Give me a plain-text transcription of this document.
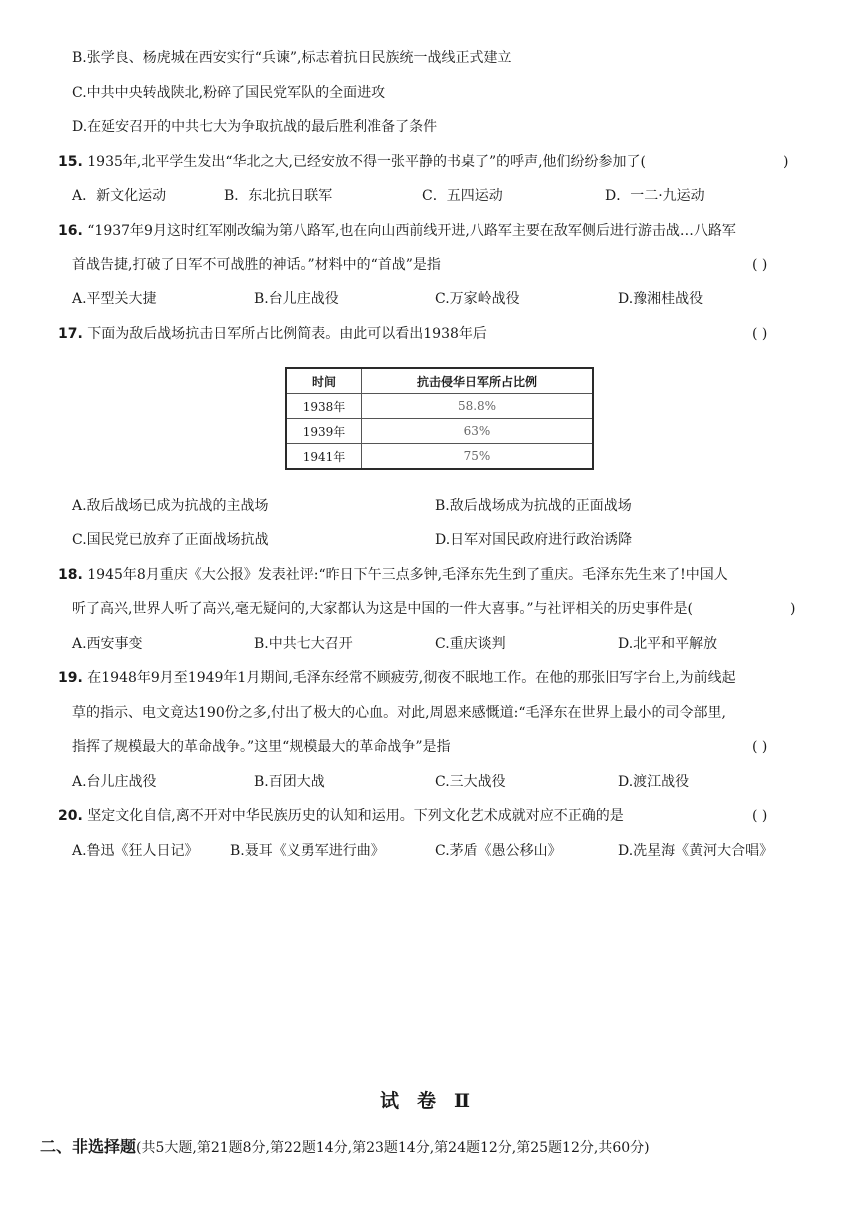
B.张学良、杨虎城在西安实行“兵谏”,标志着抗日民族统一战线正式建立
C.中共中央转战陕北,粉碎了国民党军队的全面进攻
D.在延安召开的中共七大为争取抗战的最后胜利准备了条件
15. 1935年,北平学生发出“华北之大,已经安放不得一张平静的书桌了”的呼声,他们纷纷参加了(	)
A．新文化运动	B．东北抗日联军	C．五四运动	D．一二·九运动
16. “1937年9月这时红军刚改编为第八路军,也在向山西前线开进,八路军主要在敌军侧后进行游击战…八路军
首战告捷,打破了日军不可战胜的神话。”材料中的“首战”是指	( )
A.平型关大捷	B.台儿庄战役	C.万家岭战役	D.豫湘桂战役
17. 下面为敌后战场抗击日军所占比例简表。由此可以看出1938年后	( )
时间	抗击侵华日军所占比例
1938年	58.8%
1939年	63%
1941年	75%
A.敌后战场已成为抗战的主战场	B.敌后战场成为抗战的正面战场
C.国民党已放弃了正面战场抗战	D.日军对国民政府进行政治诱降
18. 1945年8月重庆《大公报》发表社评:“昨日下午三点多钟,毛泽东先生到了重庆。毛泽东先生来了!中国人
听了高兴,世界人听了高兴,毫无疑问的,大家都认为这是中国的一件大喜事。”与社评相关的历史事件是(	)
A.西安事变	B.中共七大召开	C.重庆谈判	D.北平和平解放
19. 在1948年9月至1949年1月期间,毛泽东经常不顾疲劳,彻夜不眠地工作。在他的那张旧写字台上,为前线起
草的指示、电文竟达190份之多,付出了极大的心血。对此,周恩来感慨道:“毛泽东在世界上最小的司令部里,
指挥了规模最大的革命战争。”这里“规模最大的革命战争”是指	( )
A.台儿庄战役	B.百团大战	C.三大战役	D.渡江战役
20. 坚定文化自信,离不开对中华民族历史的认知和运用。下列文化艺术成就对应不正确的是	( )
A.鲁迅《狂人日记》 B.聂耳《义勇军进行曲》	C.茅盾《愚公移山》	D.冼星海《黄河大合唱》
试卷Ⅱ
二、非选择题(共5大题,第21题8分,第22题14分,第23题14分,第24题12分,第25题12分,共60分)
